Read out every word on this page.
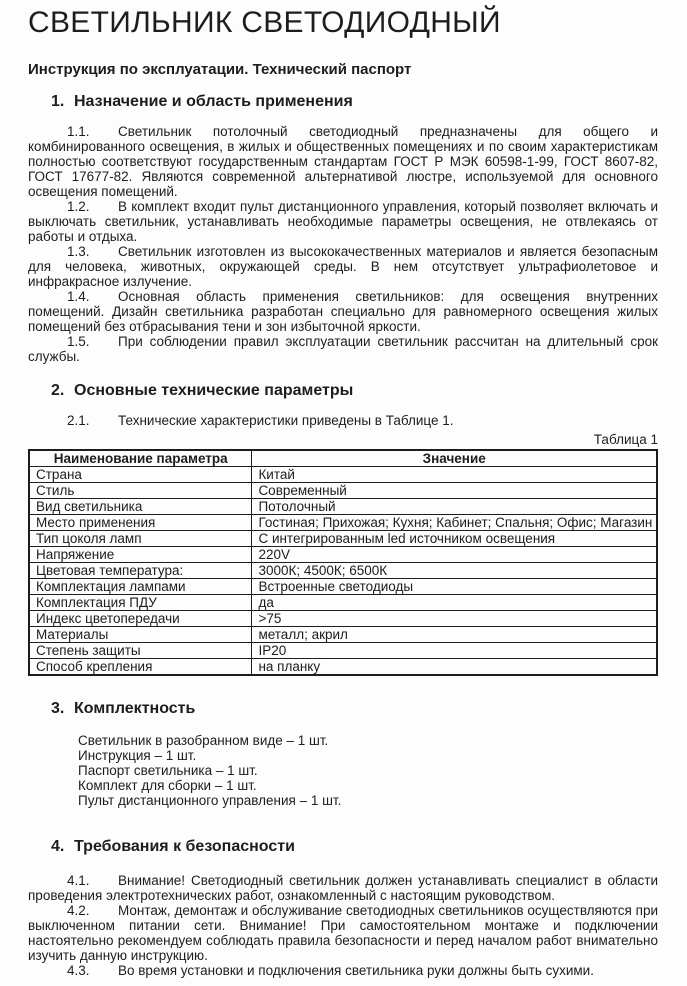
СВЕТИЛЬНИК СВЕТОДИОДНЫЙ

Инструкция по эксплуатации. Технический паспорт

1. Назначение и область применения

1.1. Светильник потолочный светодиодный предназначены для общего и комбинированного освещения, в жилых и общественных помещениях и по своим характеристикам полностью соответствуют государственным стандартам ГОСТ Р МЭК 60598-1-99, ГОСТ 8607-82, ГОСТ 17677-82. Являются современной альтернативой люстре, используемой для основного освещения помещений.

1.2. В комплект входит пульт дистанционного управления, который позволяет включать и выключать светильник, устанавливать необходимые параметры освещения, не отвлекаясь от работы и отдыха.

1.3. Светильник изготовлен из высококачественных материалов и является безопасным для человека, животных, окружающей среды. В нем отсутствует ультрафиолетовое и инфракрасное излучение.

1.4. Основная область применения светильников: для освещения внутренних помещений. Дизайн светильника разработан специально для равномерного освещения жилых помещений без отбрасывания тени и зон избыточной яркости.

1.5. При соблюдении правил эксплуатации светильник рассчитан на длительный срок службы.

2. Основные технические параметры

2.1. Технические характеристики приведены в Таблице 1.

Таблица 1
Наименование параметра	Значение
Страна	Китай
Стиль	Современный
Вид светильника	Потолочный
Место применения	Гостиная; Прихожая; Кухня; Кабинет; Спальня; Офис; Магазин
Тип цоколя ламп	С интегрированным led источником освещения
Напряжение	220V
Цветовая температура:	3000К; 4500К; 6500К
Комплектация лампами	Встроенные светодиоды
Комплектация ПДУ	да
Индекс цветопередачи	>75
Материалы	металл; акрил
Степень защиты	IP20
Способ крепления	на планку
3. Комплектность
Светильник в разобранном виде – 1 шт.
Инструкция – 1 шт.
Паспорт светильника – 1 шт.
Комплект для сборки – 1 шт.
Пульт дистанционного управления – 1 шт.
4. Требования к безопасности

4.1. Внимание! Светодиодный светильник должен устанавливать специалист в области проведения электротехнических работ, ознакомленный с настоящим руководством.

4.2. Монтаж, демонтаж и обслуживание светодиодных светильников осуществляются при выключенном питании сети. Внимание! При самостоятельном монтаже и подключении настоятельно рекомендуем соблюдать правила безопасности и перед началом работ внимательно изучить данную инструкцию.

4.3. Во время установки и подключения светильника руки должны быть сухими.
